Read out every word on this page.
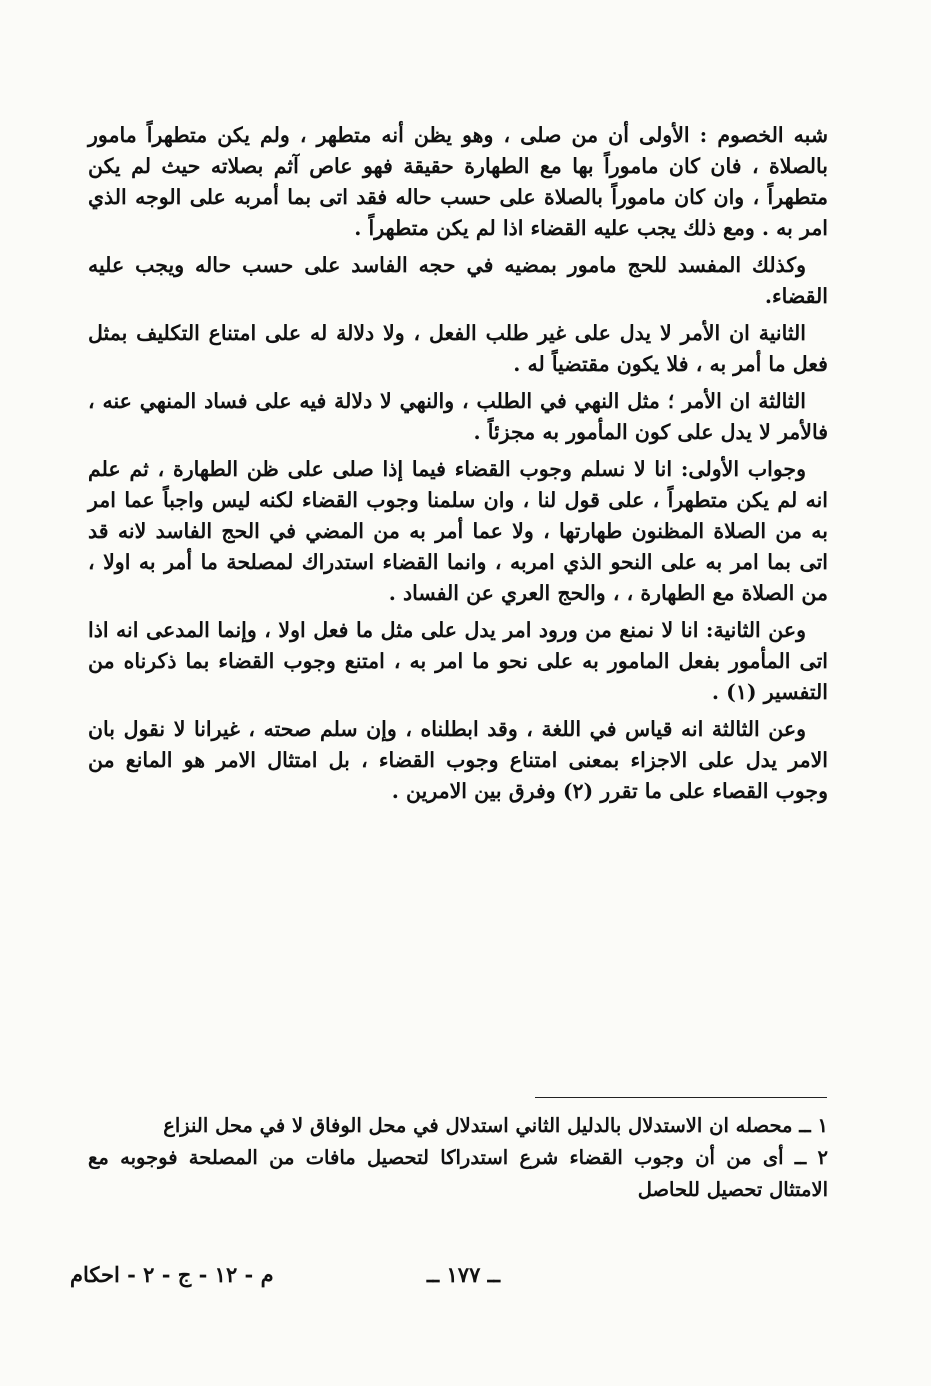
شبه الخصوم : الأولى أن من صلى ، وهو يظن أنه متطهر ، ولم يكن متطهراً مامور بالصلاة ، فان كان ماموراً بها مع الطهارة حقيقة فهو عاص آثم بصلاته حيث لم يكن متطهراً ، وان كان ماموراً بالصلاة على حسب حاله فقد اتى بما أمربه على الوجه الذي امر به . ومع ذلك يجب عليه القضاء اذا لم يكن متطهراً .

وكذلك المفسد للحج مامور بمضيه في حجه الفاسد على حسب حاله ويجب عليه القضاء.

الثانية ان الأمر لا يدل على غير طلب الفعل ، ولا دلالة له على امتناع التكليف بمثل فعل ما أمر به ، فلا يكون مقتضياً له .

الثالثة ان الأمر ؛ مثل النهي في الطلب ، والنهي لا دلالة فيه على فساد المنهي عنه ، فالأمر لا يدل على كون المأمور به مجزئاً .

وجواب الأولى: انا لا نسلم وجوب القضاء فيما إذا صلى على ظن الطهارة ، ثم علم انه لم يكن متطهراً ، على قول لنا ، وان سلمنا وجوب القضاء لكنه ليس واجباً عما امر به من الصلاة المظنون طهارتها ، ولا عما أمر به من المضي في الحج الفاسد لانه قد اتى بما امر به على النحو الذي امربه ، وانما القضاء استدراك لمصلحة ما أمر به اولا ، من الصلاة مع الطهارة ، ، والحج العري عن الفساد .

وعن الثانية: انا لا نمنع من ورود امر يدل على مثل ما فعل اولا ، وإنما المدعى انه اذا اتى المأمور بفعل المامور به على نحو ما امر به ، امتنع وجوب القضاء بما ذكرناه من التفسير (١) .

وعن الثالثة انه قياس في اللغة ، وقد ابطلناه ، وإن سلم صحته ، غيرانا لا نقول بان الامر يدل على الاجزاء بمعنى امتناع وجوب القضاء ، بل امتثال الامر هو المانع من وجوب القصاء على ما تقرر (٢) وفرق بين الامرين .

١ ــ محصله ان الاستدلال بالدليل الثاني استدلال في محل الوفاق لا في محل النزاع

٢ ــ أى من أن وجوب القضاء شرع استدراكا لتحصيل مافات من المصلحة فوجوبه مع الامتثال تحصيل للحاصل

ــ ١٧٧ ــ
م - ١٢ - ج - ٢ - احكام
